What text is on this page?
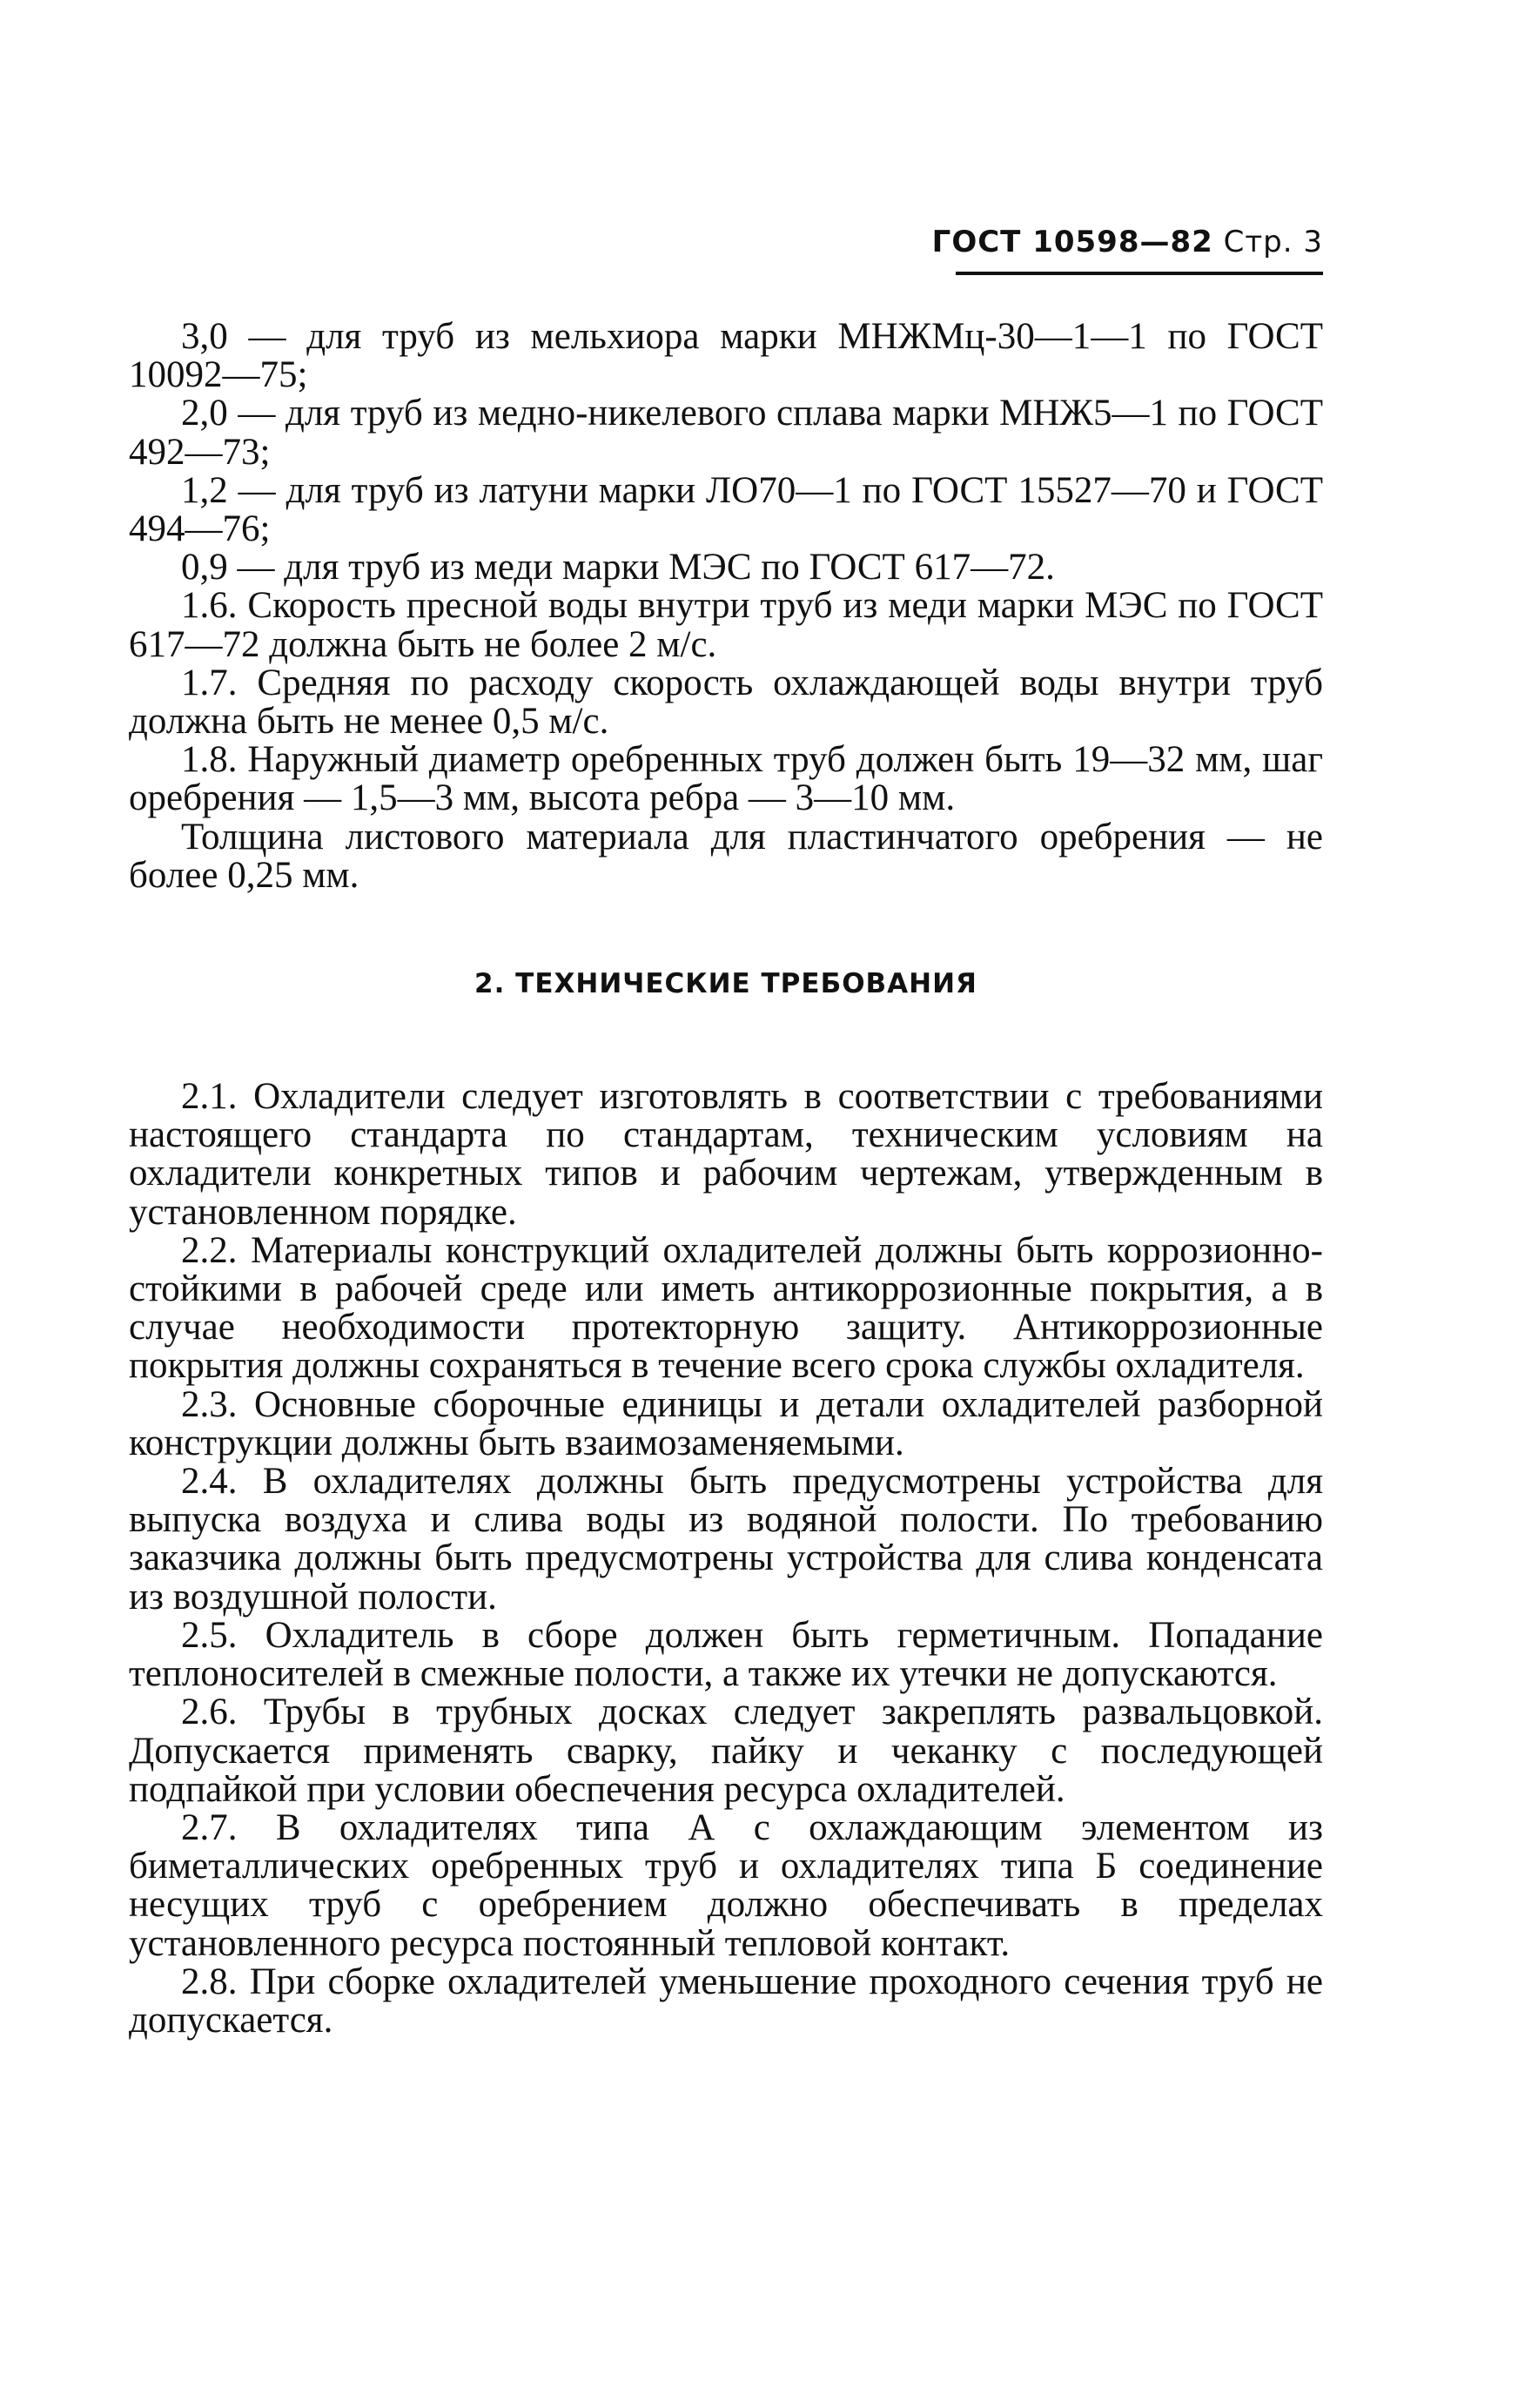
ГОСТ 10598—82 Стр. 3

3,0 — для труб из мельхиора марки МНЖМц-30—1—1 по ГОСТ 10092—75;

2,0 — для труб из медно-никелевого сплава марки МНЖ5—1 по ГОСТ 492—73;

1,2 — для труб из латуни марки ЛО70—1 по ГОСТ 15527—70 и ГОСТ 494—76;

0,9 — для труб из меди марки МЭС по ГОСТ 617—72.

1.6. Скорость пресной воды внутри труб из меди марки МЭС по ГОСТ 617—72 должна быть не более 2 м/с.

1.7. Средняя по расходу скорость охлаждающей воды внутри труб должна быть не менее 0,5 м/с.

1.8. Наружный диаметр оребренных труб должен быть 19—32 мм, шаг оребрения — 1,5—3 мм, высота ребра — 3—10 мм.

Толщина листового материала для пластинчатого оребрения — не более 0,25 мм.

2. ТЕХНИЧЕСКИЕ ТРЕБОВАНИЯ

2.1. Охладители следует изготовлять в соответствии с требованиями настоящего стандарта по стандартам, техническим условиям на охладители конкретных типов и рабочим чертежам, утвержденным в установленном порядке.

2.2. Материалы конструкций охладителей должны быть коррозионно-стойкими в рабочей среде или иметь антикоррозионные покрытия, а в случае необходимости протекторную защиту. Антикоррозионные покрытия должны сохраняться в течение всего срока службы охладителя.

2.3. Основные сборочные единицы и детали охладителей разборной конструкции должны быть взаимозаменяемыми.

2.4. В охладителях должны быть предусмотрены устройства для выпуска воздуха и слива воды из водяной полости. По требованию заказчика должны быть предусмотрены устройства для слива конденсата из воздушной полости.

2.5. Охладитель в сборе должен быть герметичным. Попадание теплоносителей в смежные полости, а также их утечки не допускаются.

2.6. Трубы в трубных досках следует закреплять развальцовкой. Допускается применять сварку, пайку и чеканку с последующей подпайкой при условии обеспечения ресурса охладителей.

2.7. В охладителях типа А с охлаждающим элементом из биметаллических оребренных труб и охладителях типа Б соединение несущих труб с оребрением должно обеспечивать в пределах установленного ресурса постоянный тепловой контакт.

2.8. При сборке охладителей уменьшение проходного сечения труб не допускается.
